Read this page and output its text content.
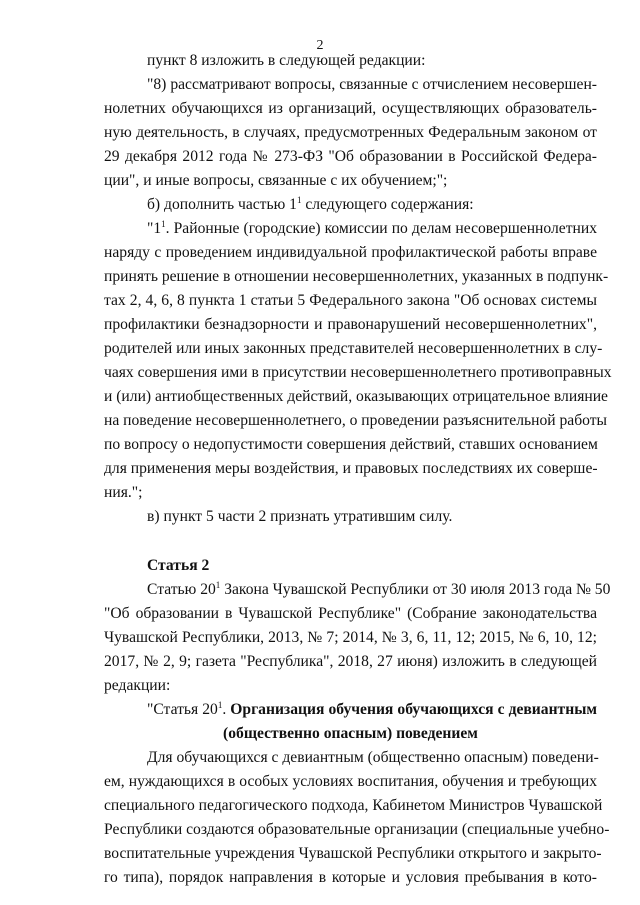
2
пункт 8 изложить в следующей редакции:
"8) рассматривают вопросы, связанные с отчислением несовершен-
нолетних обучающихся из организаций, осуществляющих образователь-
ную деятельность, в случаях, предусмотренных Федеральным законом от
29 декабря 2012 года № 273-ФЗ "Об образовании в Российской Федера-
ции", и иные вопросы, связанные с их обучением;";
б) дополнить частью $1^1$ следующего содержания:
"$1^1$. Районные (городские) комиссии по делам несовершеннолетних
наряду с проведением индивидуальной профилактической работы вправе
принять решение в отношении несовершеннолетних, указанных в подпунк-
тах 2, 4, 6, 8 пункта 1 статьи 5 Федерального закона "Об основах системы
профилактики безнадзорности и правонарушений несовершеннолетних",
родителей или иных законных представителей несовершеннолетних в слу-
чаях совершения ими в присутствии несовершеннолетнего противоправных
и (или) антиобщественных действий, оказывающих отрицательное влияние
на поведение несовершеннолетнего, о проведении разъяснительной работы
по вопросу о недопустимости совершения действий, ставших основанием
для применения меры воздействия, и правовых последствиях их соверше-
ния.";
в) пункт 5 части 2 признать утратившим силу.
Статья 2
Статью $20^1$ Закона Чувашской Республики от 30 июля 2013 года № 50
"Об образовании в Чувашской Республике" (Собрание законодательства
Чувашской Республики, 2013, № 7; 2014, № 3, 6, 11, 12; 2015, № 6, 10, 12;
2017, № 2, 9; газета "Республика", 2018, 27 июня) изложить в следующей
редакции:
"Статья $20^1$. Организация обучения обучающихся с девиантным
(общественно опасным) поведением
Для обучающихся с девиантным (общественно опасным) поведени-
ем, нуждающихся в особых условиях воспитания, обучения и требующих
специального педагогического подхода, Кабинетом Министров Чувашской
Республики создаются образовательные организации (специальные учебно-
воспитательные учреждения Чувашской Республики открытого и закрыто-
го типа), порядок направления в которые и условия пребывания в кото-
